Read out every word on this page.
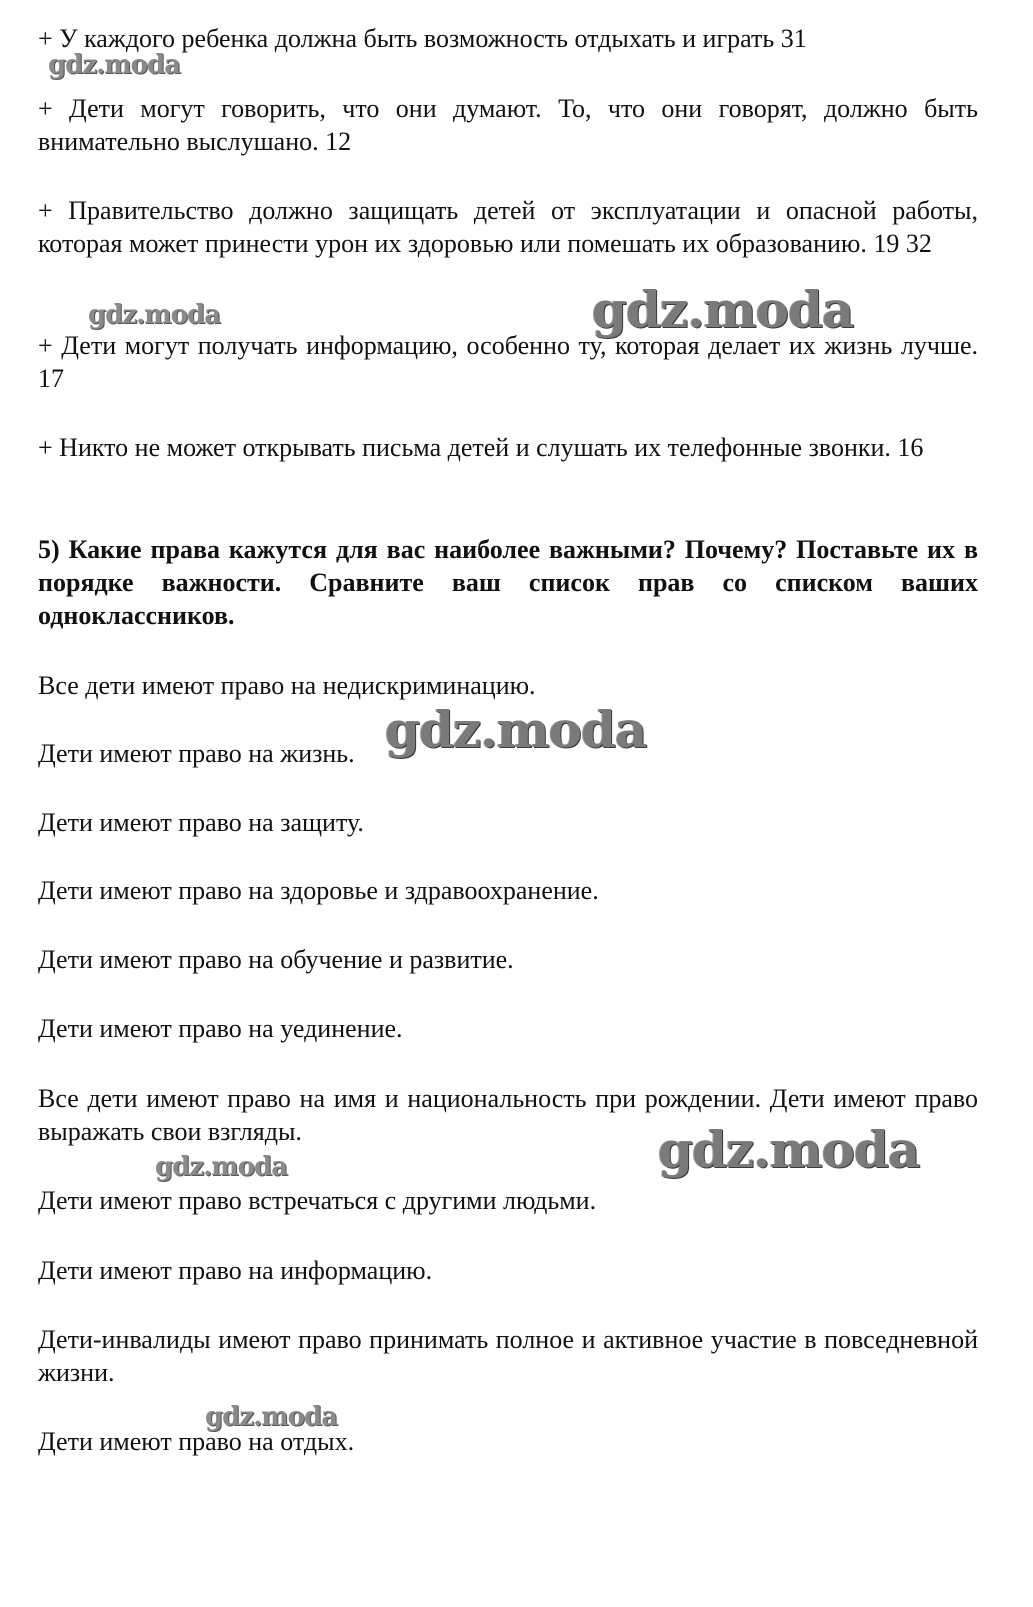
+ У каждого ребенка должна быть возможность отдыхать и играть 31

+ Дети могут говорить, что они думают. То, что они говорят, должно быть внимательно выслушано. 12

+ Правительство должно защищать детей от эксплуатации и опасной работы, которая может принести урон их здоровью или помешать их образованию. 19 32

+ Дети могут получать информацию, особенно ту, которая делает их жизнь лучше. 17

+ Никто не может открывать письма детей и слушать их телефонные звонки. 16

5) Какие права кажутся для вас наиболее важными? Почему? Поставьте их в порядке важности. Сравните ваш список прав со списком ваших одноклассников.

Все дети имеют право на недискриминацию.

Дети имеют право на жизнь.

Дети имеют право на защиту.

Дети имеют право на здоровье и здравоохранение.

Дети имеют право на обучение и развитие.

Дети имеют право на уединение.

Все дети имеют право на имя и национальность при рождении. Дети имеют право выражать свои взгляды.

Дети имеют право встречаться с другими людьми.

Дети имеют право на информацию.

Дети-инвалиды имеют право принимать полное и активное участие в повседневной жизни.

Дети имеют право на отдых.

gdz.moda
gdz.moda	gdz.moda
gdz.moda
gdz.moda
gdz.moda
gdz.moda
